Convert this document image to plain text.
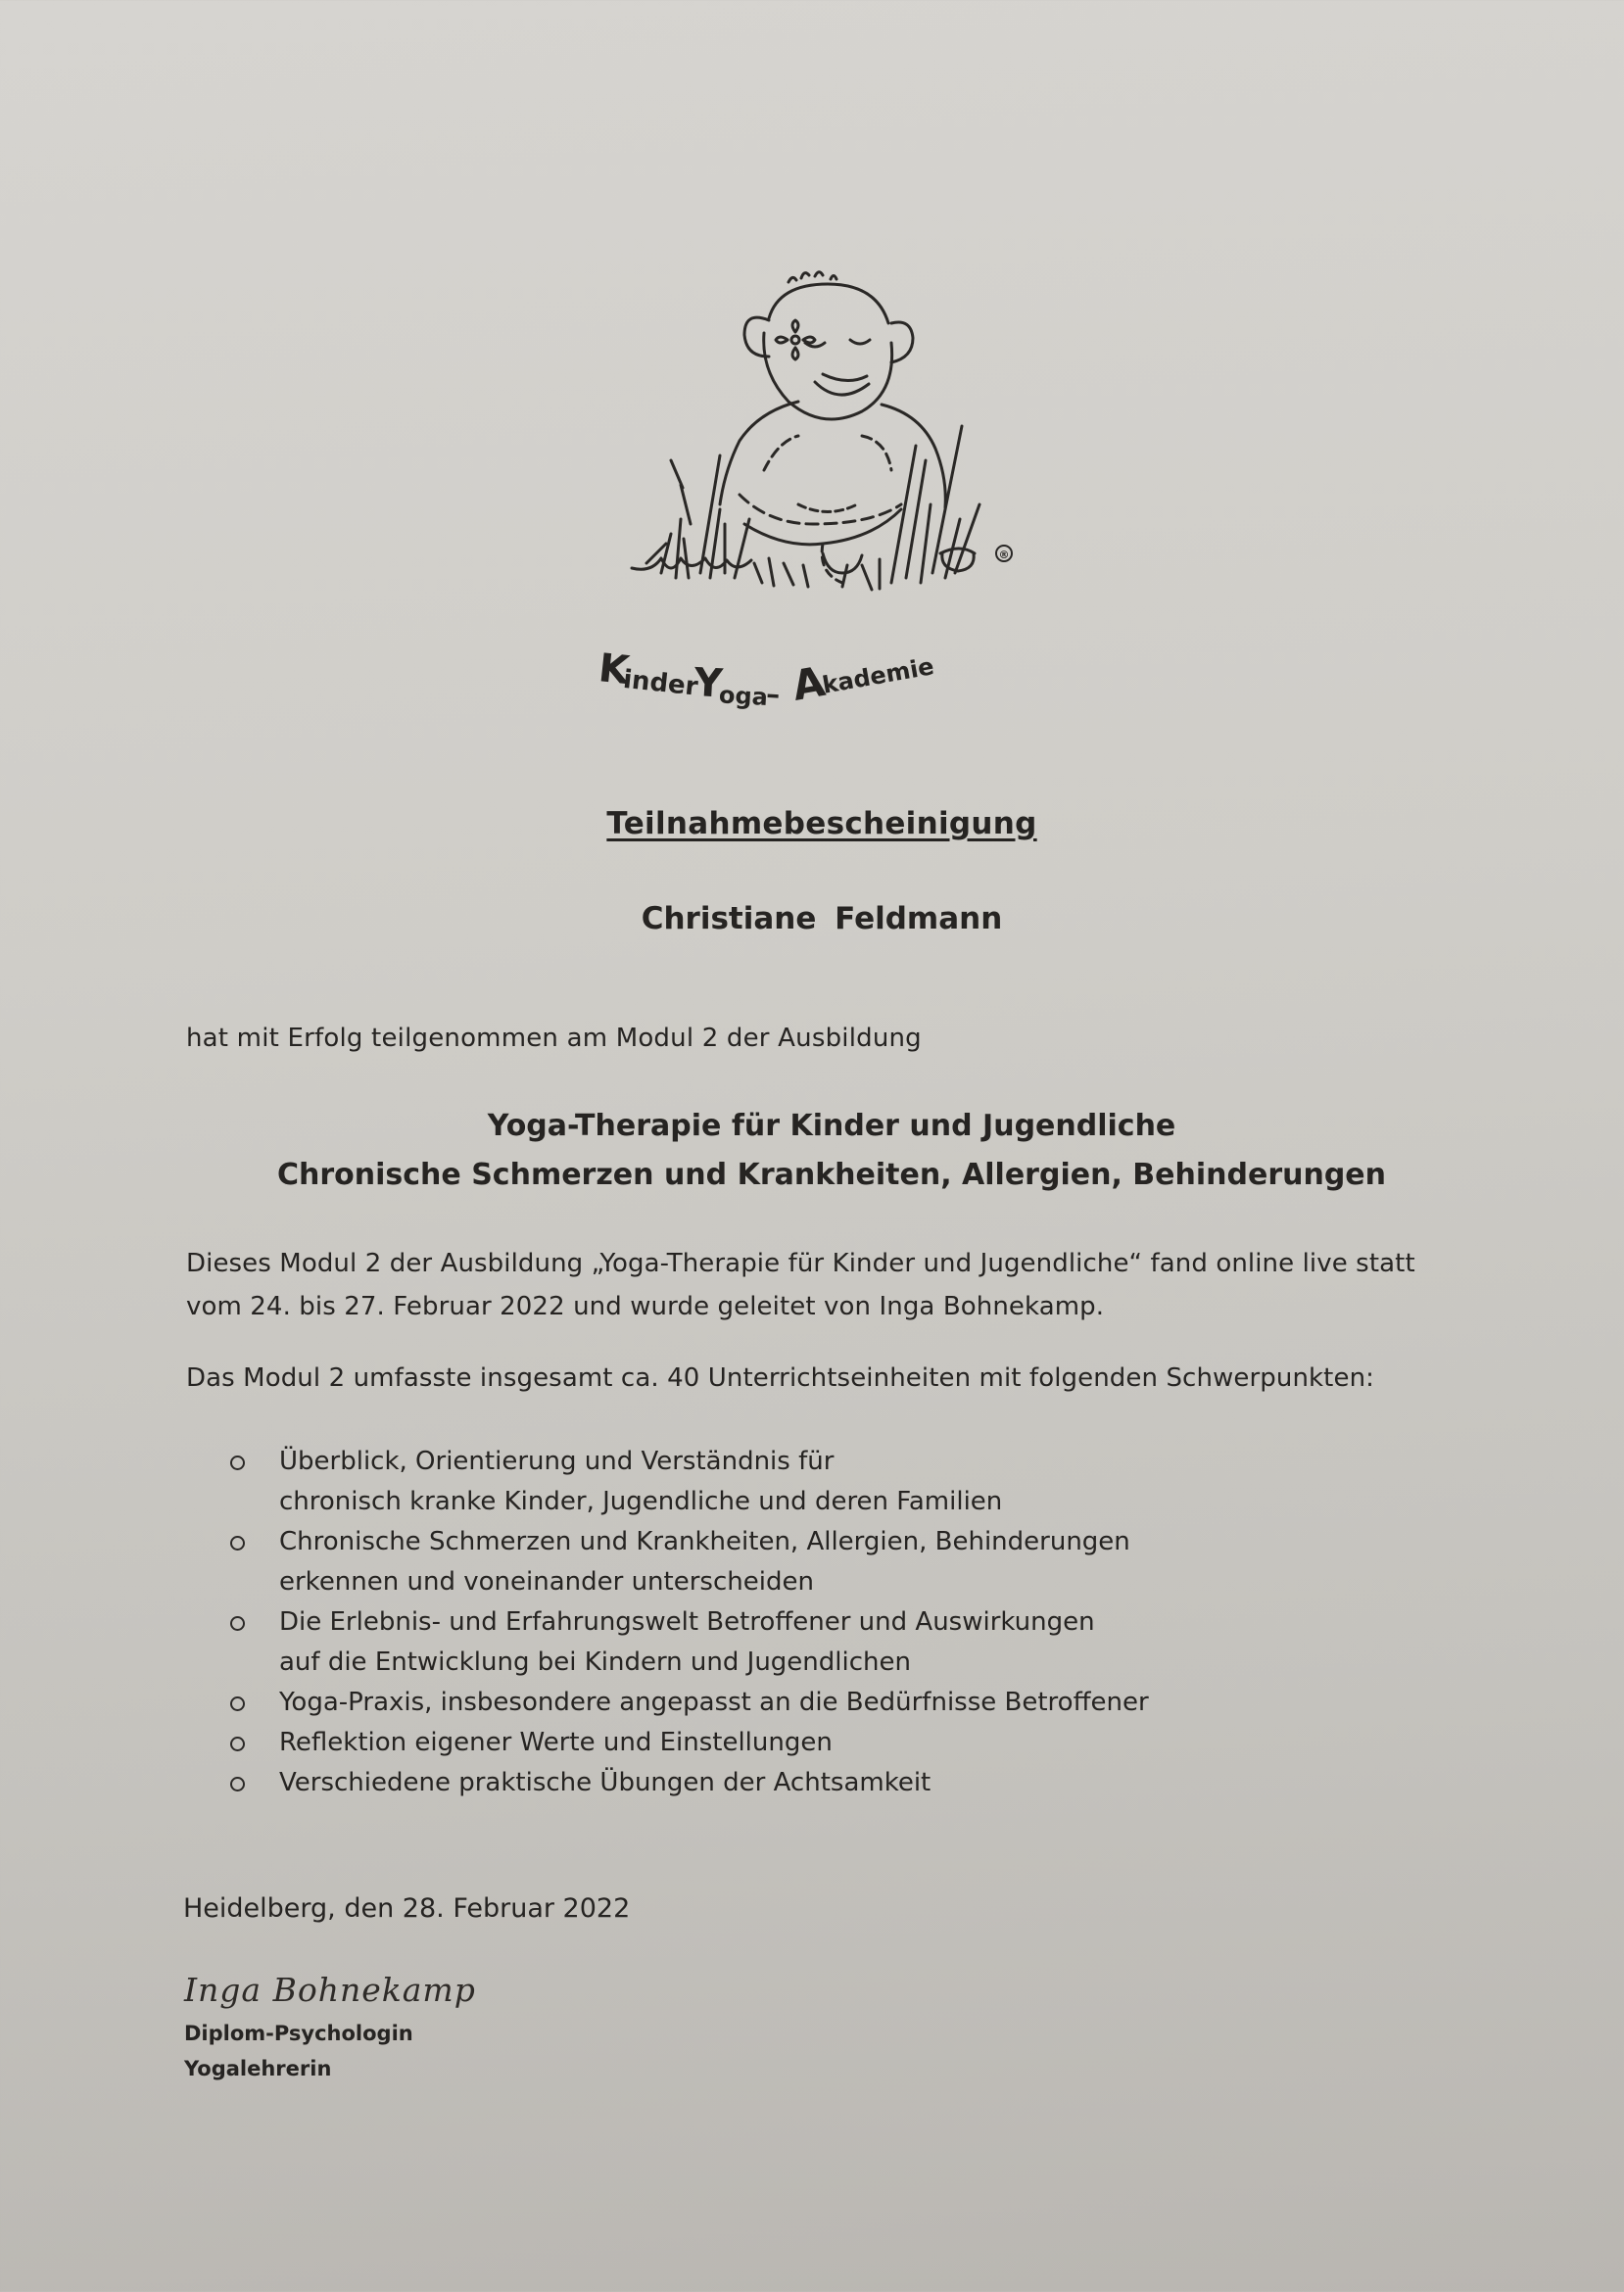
®
K
inder
Y
oga
– A
kademie
Teilnahmebescheinigung
Christiane Feldmann
hat mit Erfolg teilgenommen am Modul 2 der Ausbildung
Yoga-Therapie für Kinder und Jugendliche
Chronische Schmerzen und Krankheiten, Allergien, Behinderungen
Dieses Modul 2 der Ausbildung „Yoga-Therapie für Kinder und Jugendliche“ fand online live statt vom 24. bis 27. Februar 2022 und wurde geleitet von Inga Bohnekamp.
Das Modul 2 umfasste insgesamt ca. 40 Unterrichtseinheiten mit folgenden Schwerpunkten:
Überblick, Orientierung und Verständnis für
chronisch kranke Kinder, Jugendliche und deren Familien
Chronische Schmerzen und Krankheiten, Allergien, Behinderungen
erkennen und voneinander unterscheiden
Die Erlebnis- und Erfahrungswelt Betroffener und Auswirkungen
auf die Entwicklung bei Kindern und Jugendlichen
Yoga-Praxis, insbesondere angepasst an die Bedürfnisse Betroffener
Reflektion eigener Werte und Einstellungen
Verschiedene praktische Übungen der Achtsamkeit
Heidelberg, den 28. Februar 2022
Inga Bohnekamp
Diplom-Psychologin
Yogalehrerin
